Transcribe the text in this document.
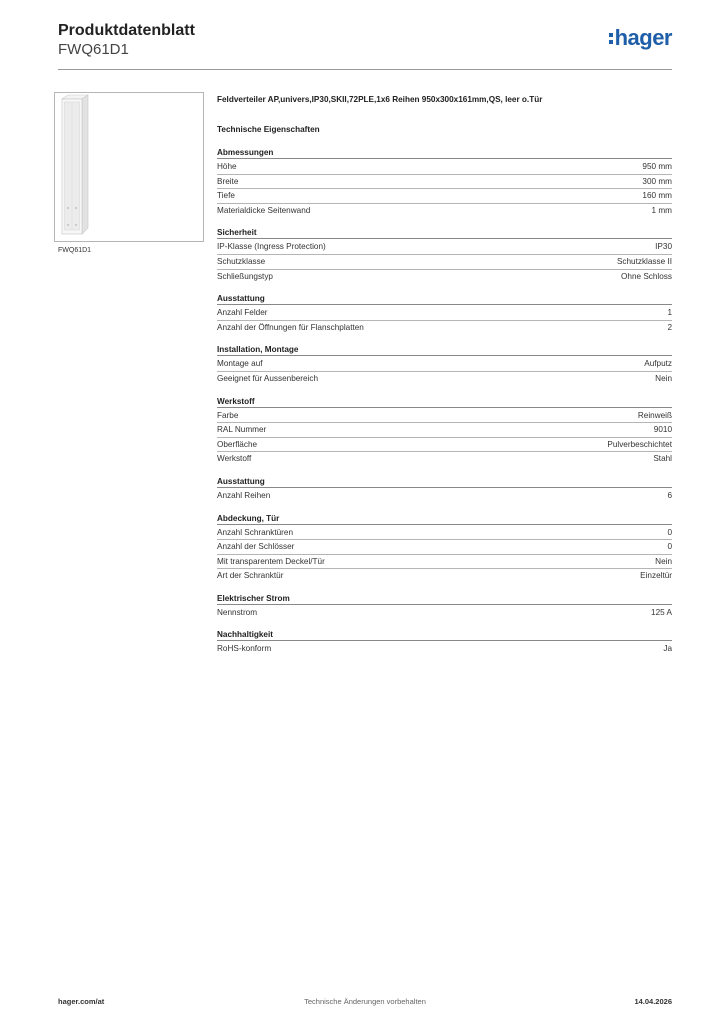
Produktdatenblatt
FWQ61D1	hager
FWQ61D1
Feldverteiler AP,univers,IP30,SKII,72PLE,1x6 Reihen 950x300x161mm,QS, leer o.Tür
Technische Eigenschaften
Abmessungen
Höhe	950 mm
Breite	300 mm
Tiefe	160 mm
Materialdicke Seitenwand	1 mm
Sicherheit
IP-Klasse (Ingress Protection)	IP30
Schutzklasse	Schutzklasse II
Schließungstyp	Ohne Schloss
Ausstattung
Anzahl Felder	1
Anzahl der Öffnungen für Flanschplatten	2
Installation, Montage
Montage auf	Aufputz
Geeignet für Aussenbereich	Nein
Werkstoff
Farbe	Reinweiß
RAL Nummer	9010
Oberfläche	Pulverbeschichtet
Werkstoff	Stahl
Ausstattung
Anzahl Reihen	6
Abdeckung, Tür
Anzahl Schranktüren	0
Anzahl der Schlösser	0
Mit transparentem Deckel/Tür	Nein
Art der Schranktür	Einzeltür
Elektrischer Strom
Nennstrom	125 A
Nachhaltigkeit
RoHS-konform	Ja
hager.com/at	Technische Änderungen vorbehalten	14.04.2026
